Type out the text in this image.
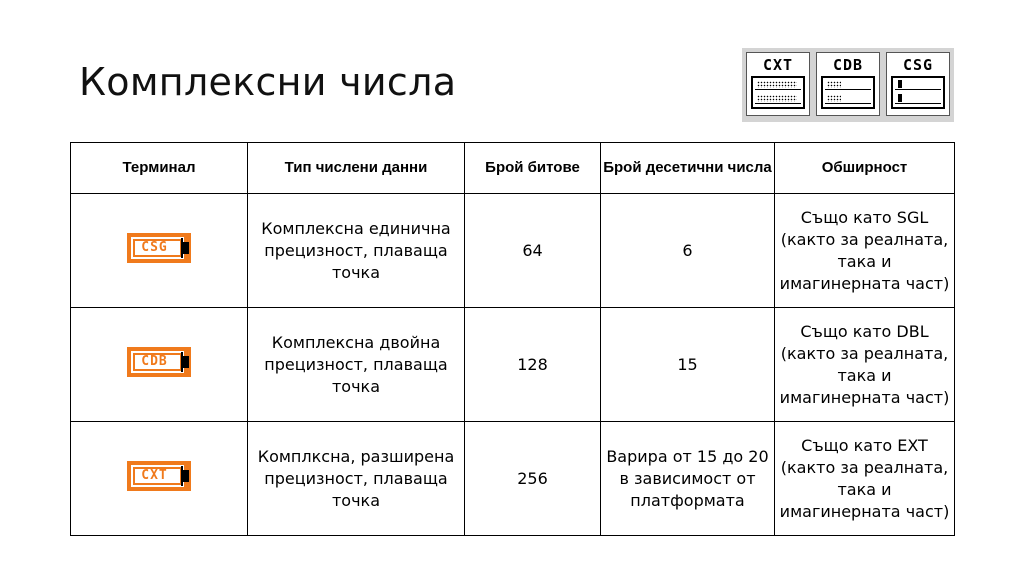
Комплексни числа	CXT	CDB	CSG
Терминал	Тип числени данни	Брой битове	Брой десетични числа	Обширност

CSG	Комплексна единична прецизност, плаваща точка	64	6	Също като SGL (както за реалната, така и имагинерната част)

CDB	Комплексна двойна прецизност, плаваща точка	128	15	Също като DBL (както за реалната, така и имагинерната част)

CXT	Комплксна, разширена прецизност, плаваща точка	256	Варира от 15 до 20 в зависимост от платформата	Също като EXT (както за реалната, така и имагинерната част)
